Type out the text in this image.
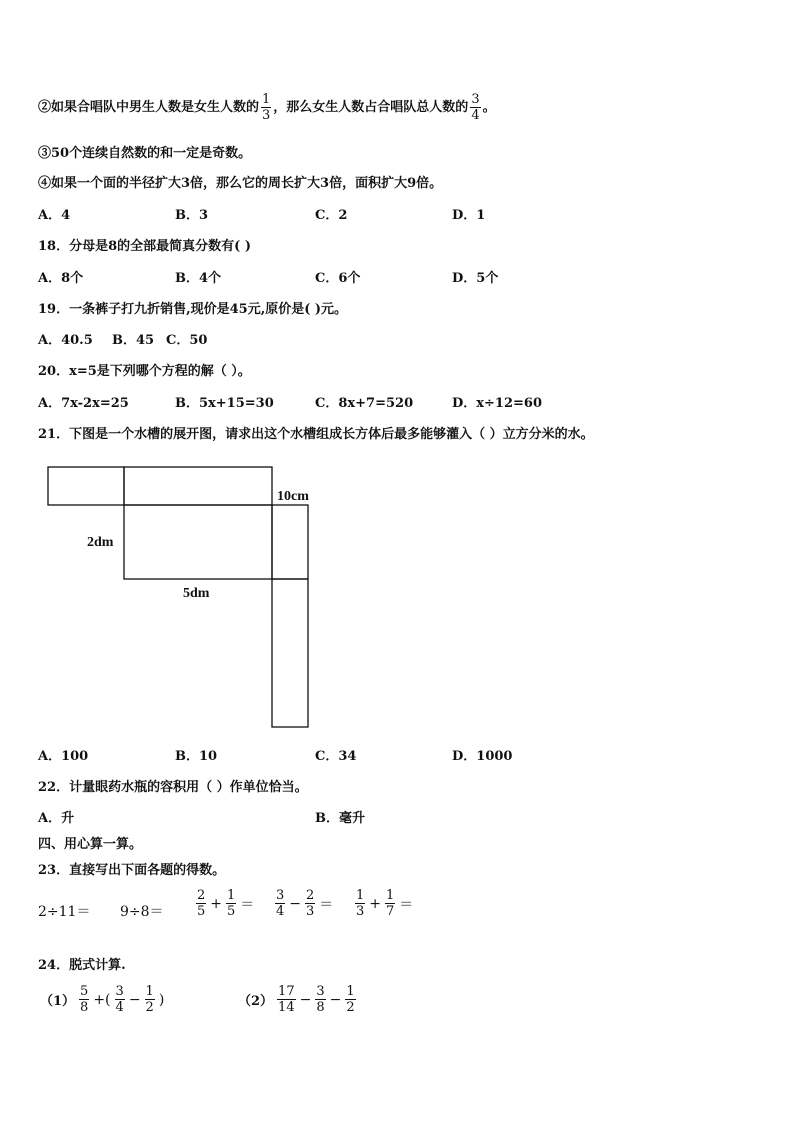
②如果合唱队中男生人数是女生人数的 $\frac{1}{3}$ ，那么女生人数占合唱队总人数的 $\frac{3}{4}$ 。
③50个连续自然数的和一定是奇数。
④如果一个面的半径扩大3倍，那么它的周长扩大3倍，面积扩大9倍。
A．4	B．3	C．2	D．1
18．分母是8的全部最简真分数有( )
A．8个	B．4个	C．6个	D．5个
19．一条裤子打九折销售,现价是45元,原价是( )元。
A．40.5 B．45 C．50
20．x=5是下列哪个方程的解（ ）。
A．7x-2x=25	B．5x+15=30	C．8x+7=520	D．x÷12=60
21．下图是一个水槽的展开图，请求出这个水槽组成长方体后最多能够灌入（ ）立方分米的水。
10cm
2dm
5dm
A．100	B．10	C．34	D．1000
22．计量眼药水瓶的容积用（ ）作单位恰当。
A．升	B．毫升
四、用心算一算。
23．直接写出下面各题的得数。
$2\div 11= 9\div 8= \frac{2}{5} + \frac{1}{5} = \frac{3}{4} - \frac{2}{3} = \frac{1}{3} + \frac{1}{7}$ ＝
24．脱式计算.
$(1) \frac{5}{8}$ +( $\frac{3}{4} - \frac{1}{2}$ )	$(2) \frac{17}{14} - \frac{3}{8} - \frac{1}{2}$
